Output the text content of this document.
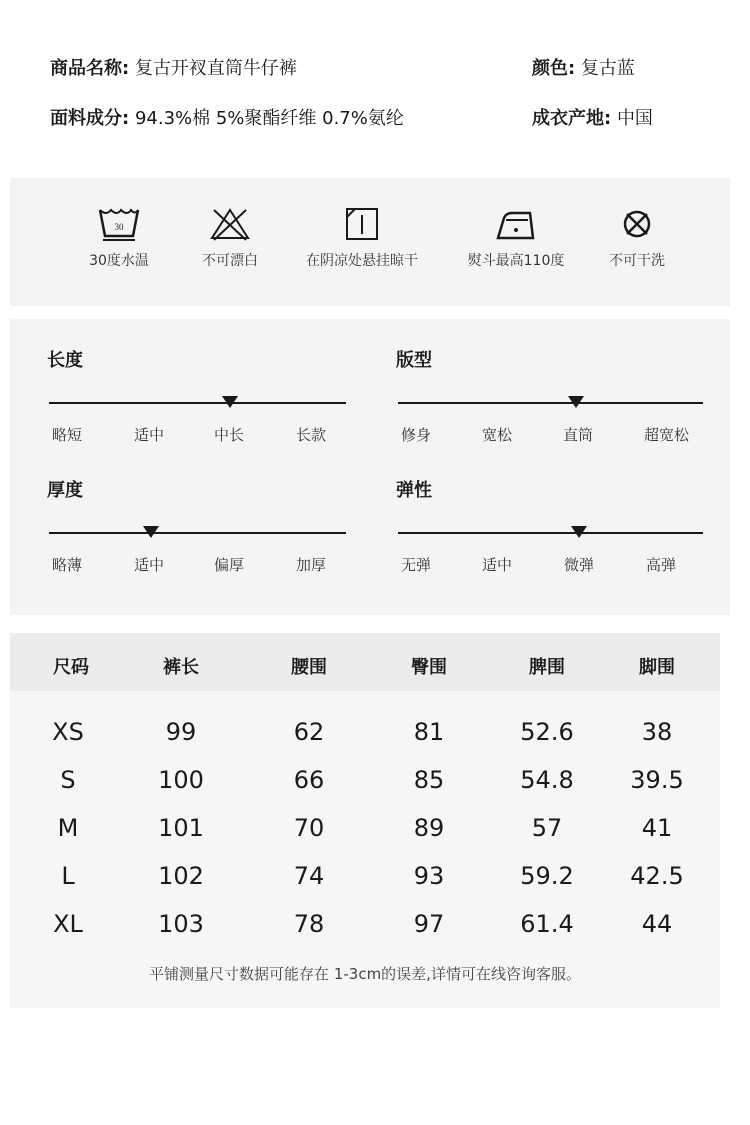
商品名称: 复古开衩直筒牛仔裤	颜色: 复古蓝
面料成分: 94.3%棉 5%聚酯纤维 0.7%氨纶	成衣产地: 中国
30
30度水温	不可漂白	在阴凉处悬挂晾干	熨斗最高110度	不可干洗
长度
略短	适中	中长	长款
版型
修身	宽松	直筒	超宽松
厚度
略薄	适中	偏厚	加厚
弹性
无弹	适中	微弹	高弹
尺码	裤长	腰围	臀围	脾围	脚围
XS	99	62	81	52.6	38
S	100	66	85	54.8	39.5
M	101	70	89	57	41
L	102	74	93	59.2	42.5
XL	103	78	97	61.4	44
平铺测量尺寸数据可能存在 1-3cm的误差,详情可在线咨询客服。
